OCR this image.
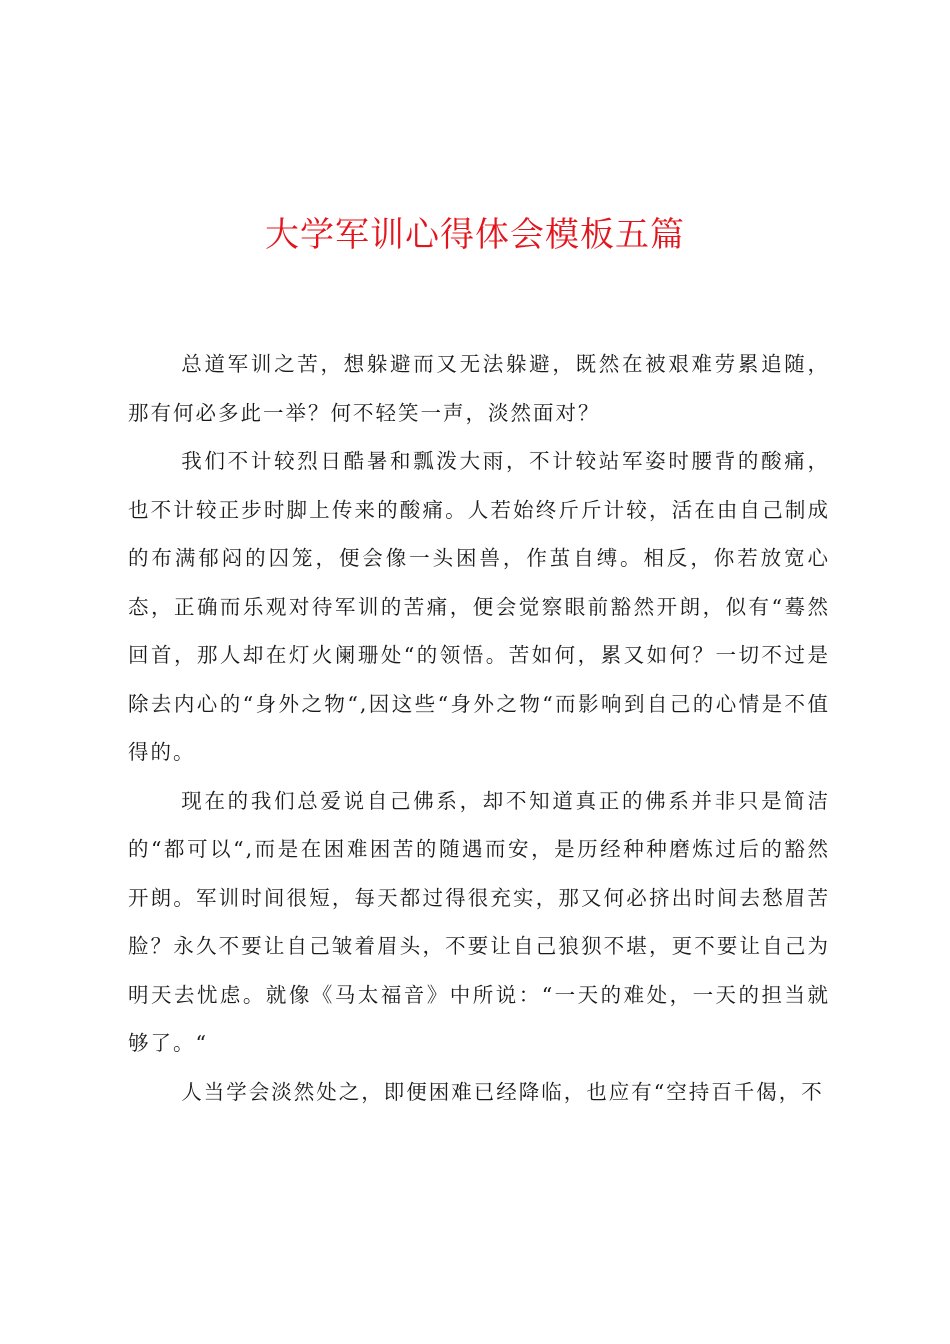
大学军训心得体会模板五篇

总道军训之苦，想躲避而又无法躲避，既然在被艰难劳累追随，那有何必多此一举？何不轻笑一声，淡然面对？

我们不计较烈日酷暑和瓢泼大雨，不计较站军姿时腰背的酸痛，也不计较正步时脚上传来的酸痛。人若始终斤斤计较，活在由自己制成的布满郁闷的囚笼，便会像一头困兽，作茧自缚。相反，你若放宽心态，正确而乐观对待军训的苦痛，便会觉察眼前豁然开朗，似有“蓦然回首，那人却在灯火阑珊处“的领悟。苦如何，累又如何？一切不过是除去内心的“身外之物“,因这些“身外之物“而影响到自己的心情是不值得的。

现在的我们总爱说自己佛系，却不知道真正的佛系并非只是简洁的“都可以“,而是在困难困苦的随遇而安，是历经种种磨炼过后的豁然开朗。军训时间很短，每天都过得很充实，那又何必挤出时间去愁眉苦脸？永久不要让自己皱着眉头，不要让自己狼狈不堪，更不要让自己为明天去忧虑。就像《马太福音》中所说：“一天的难处，一天的担当就够了。“

人当学会淡然处之，即便困难已经降临，也应有“空持百千偈，不
